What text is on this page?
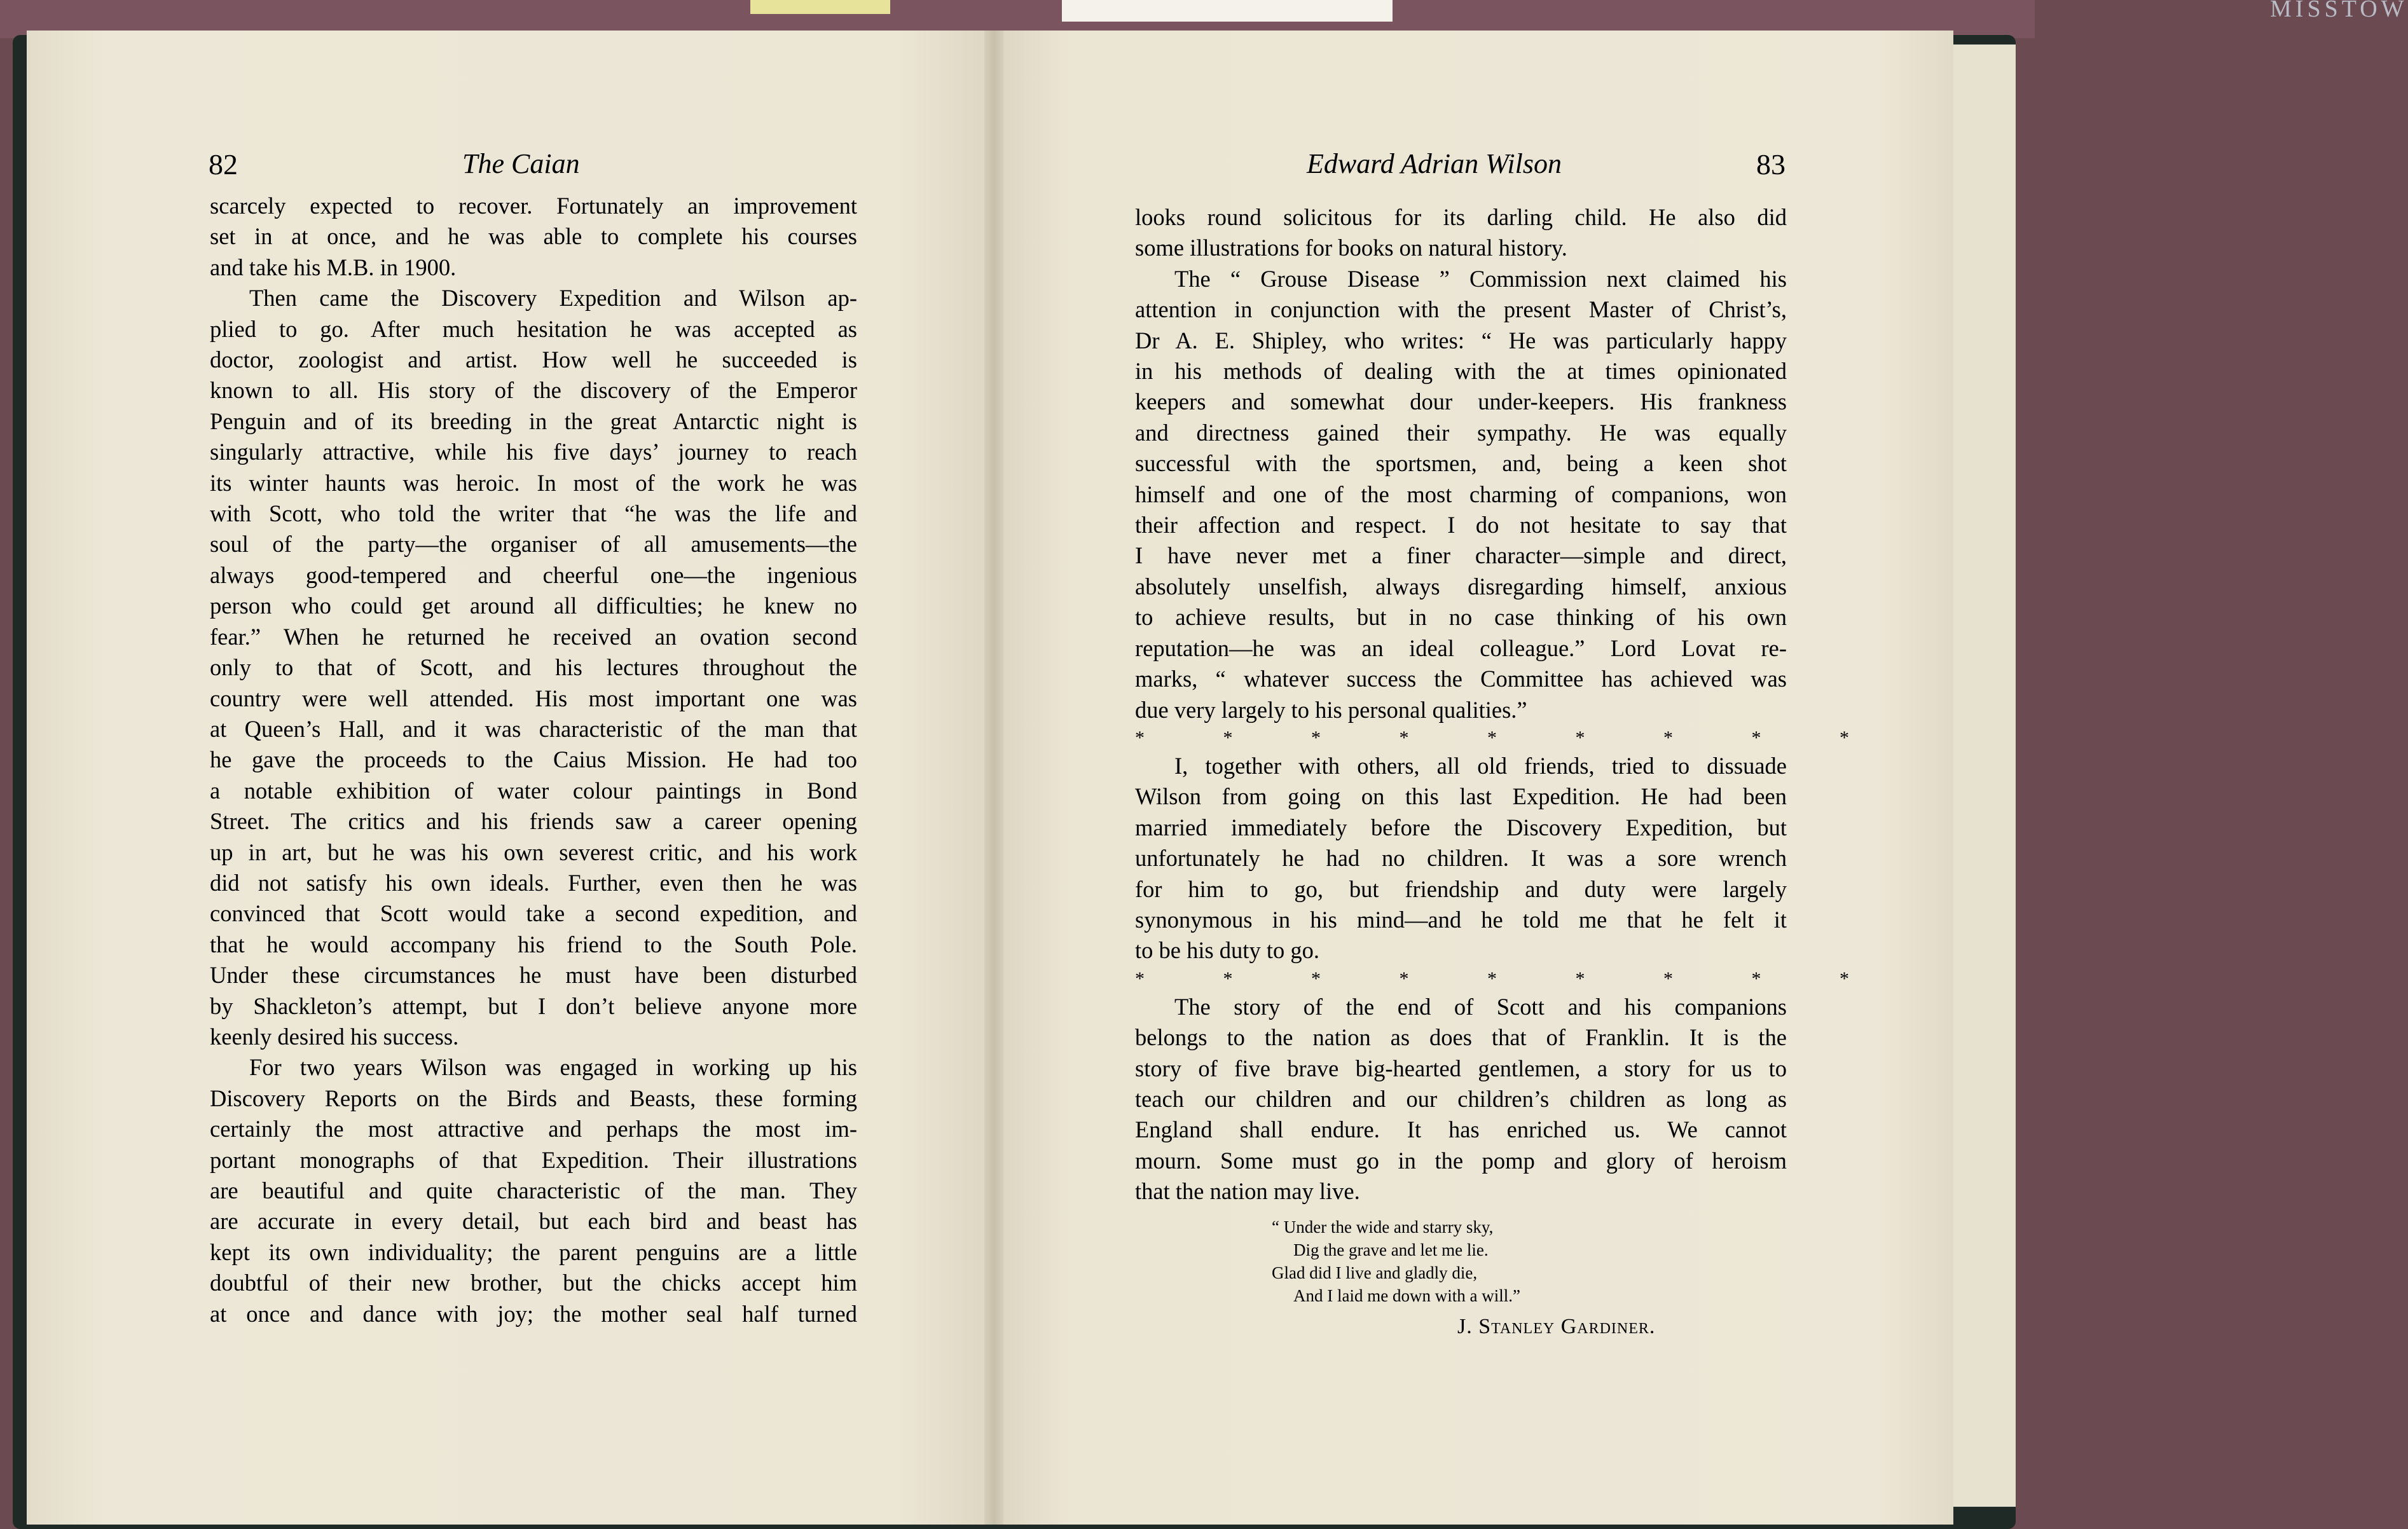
MISSTOW
82	The Caian	Edward Adrian Wilson	83
scarcely expected to recover. Fortunately an improvement
set in at once, and he was able to complete his courses
and take his M.B. in 1900.
Then came the Discovery Expedition and Wilson ap-
plied to go. After much hesitation he was accepted as
doctor, zoologist and artist. How well he succeeded is
known to all. His story of the discovery of the Emperor
Penguin and of its breeding in the great Antarctic night is
singularly attractive, while his five days’ journey to reach
its winter haunts was heroic. In most of the work he was
with Scott, who told the writer that “he was the life and
soul of the party—the organiser of all amusements—the
always good-tempered and cheerful one—the ingenious
person who could get around all difficulties; he knew no
fear.” When he returned he received an ovation second
only to that of Scott, and his lectures throughout the
country were well attended. His most important one was
at Queen’s Hall, and it was characteristic of the man that
he gave the proceeds to the Caius Mission. He had too
a notable exhibition of water colour paintings in Bond
Street. The critics and his friends saw a career opening
up in art, but he was his own severest critic, and his work
did not satisfy his own ideals. Further, even then he was
convinced that Scott would take a second expedition, and
that he would accompany his friend to the South Pole.
Under these circumstances he must have been disturbed
by Shackleton’s attempt, but I don’t believe anyone more
keenly desired his success.
For two years Wilson was engaged in working up his
Discovery Reports on the Birds and Beasts, these forming
certainly the most attractive and perhaps the most im-
portant monographs of that Expedition. Their illustrations
are beautiful and quite characteristic of the man. They
are accurate in every detail, but each bird and beast has
kept its own individuality; the parent penguins are a little
doubtful of their new brother, but the chicks accept him
at once and dance with joy; the mother seal half turned
looks round solicitous for its darling child. He also did
some illustrations for books on natural history.
The “ Grouse Disease ” Commission next claimed his
attention in conjunction with the present Master of Christ’s,
Dr A. E. Shipley, who writes: “ He was particularly happy
in his methods of dealing with the at times opinionated
keepers and somewhat dour under-keepers. His frankness
and directness gained their sympathy. He was equally
successful with the sportsmen, and, being a keen shot
himself and one of the most charming of companions, won
their affection and respect. I do not hesitate to say that
I have never met a finer character—simple and direct,
absolutely unselfish, always disregarding himself, anxious
to achieve results, but in no case thinking of his own
reputation—he was an ideal colleague.” Lord Lovat re-
marks, “ whatever success the Committee has achieved was
due very largely to his personal qualities.”
* * * * * * * * *
I, together with others, all old friends, tried to dissuade
Wilson from going on this last Expedition. He had been
married immediately before the Discovery Expedition, but
unfortunately he had no children. It was a sore wrench
for him to go, but friendship and duty were largely
synonymous in his mind—and he told me that he felt it
to be his duty to go.
* * * * * * * * *
The story of the end of Scott and his companions
belongs to the nation as does that of Franklin. It is the
story of five brave big-hearted gentlemen, a story for us to
teach our children and our children’s children as long as
England shall endure. It has enriched us. We cannot
mourn. Some must go in the pomp and glory of heroism
that the nation may live.
“ Under the wide and starry sky,
Dig the grave and let me lie.
Glad did I live and gladly die,
And I laid me down with a will.”
J. Stanley Gardiner.
